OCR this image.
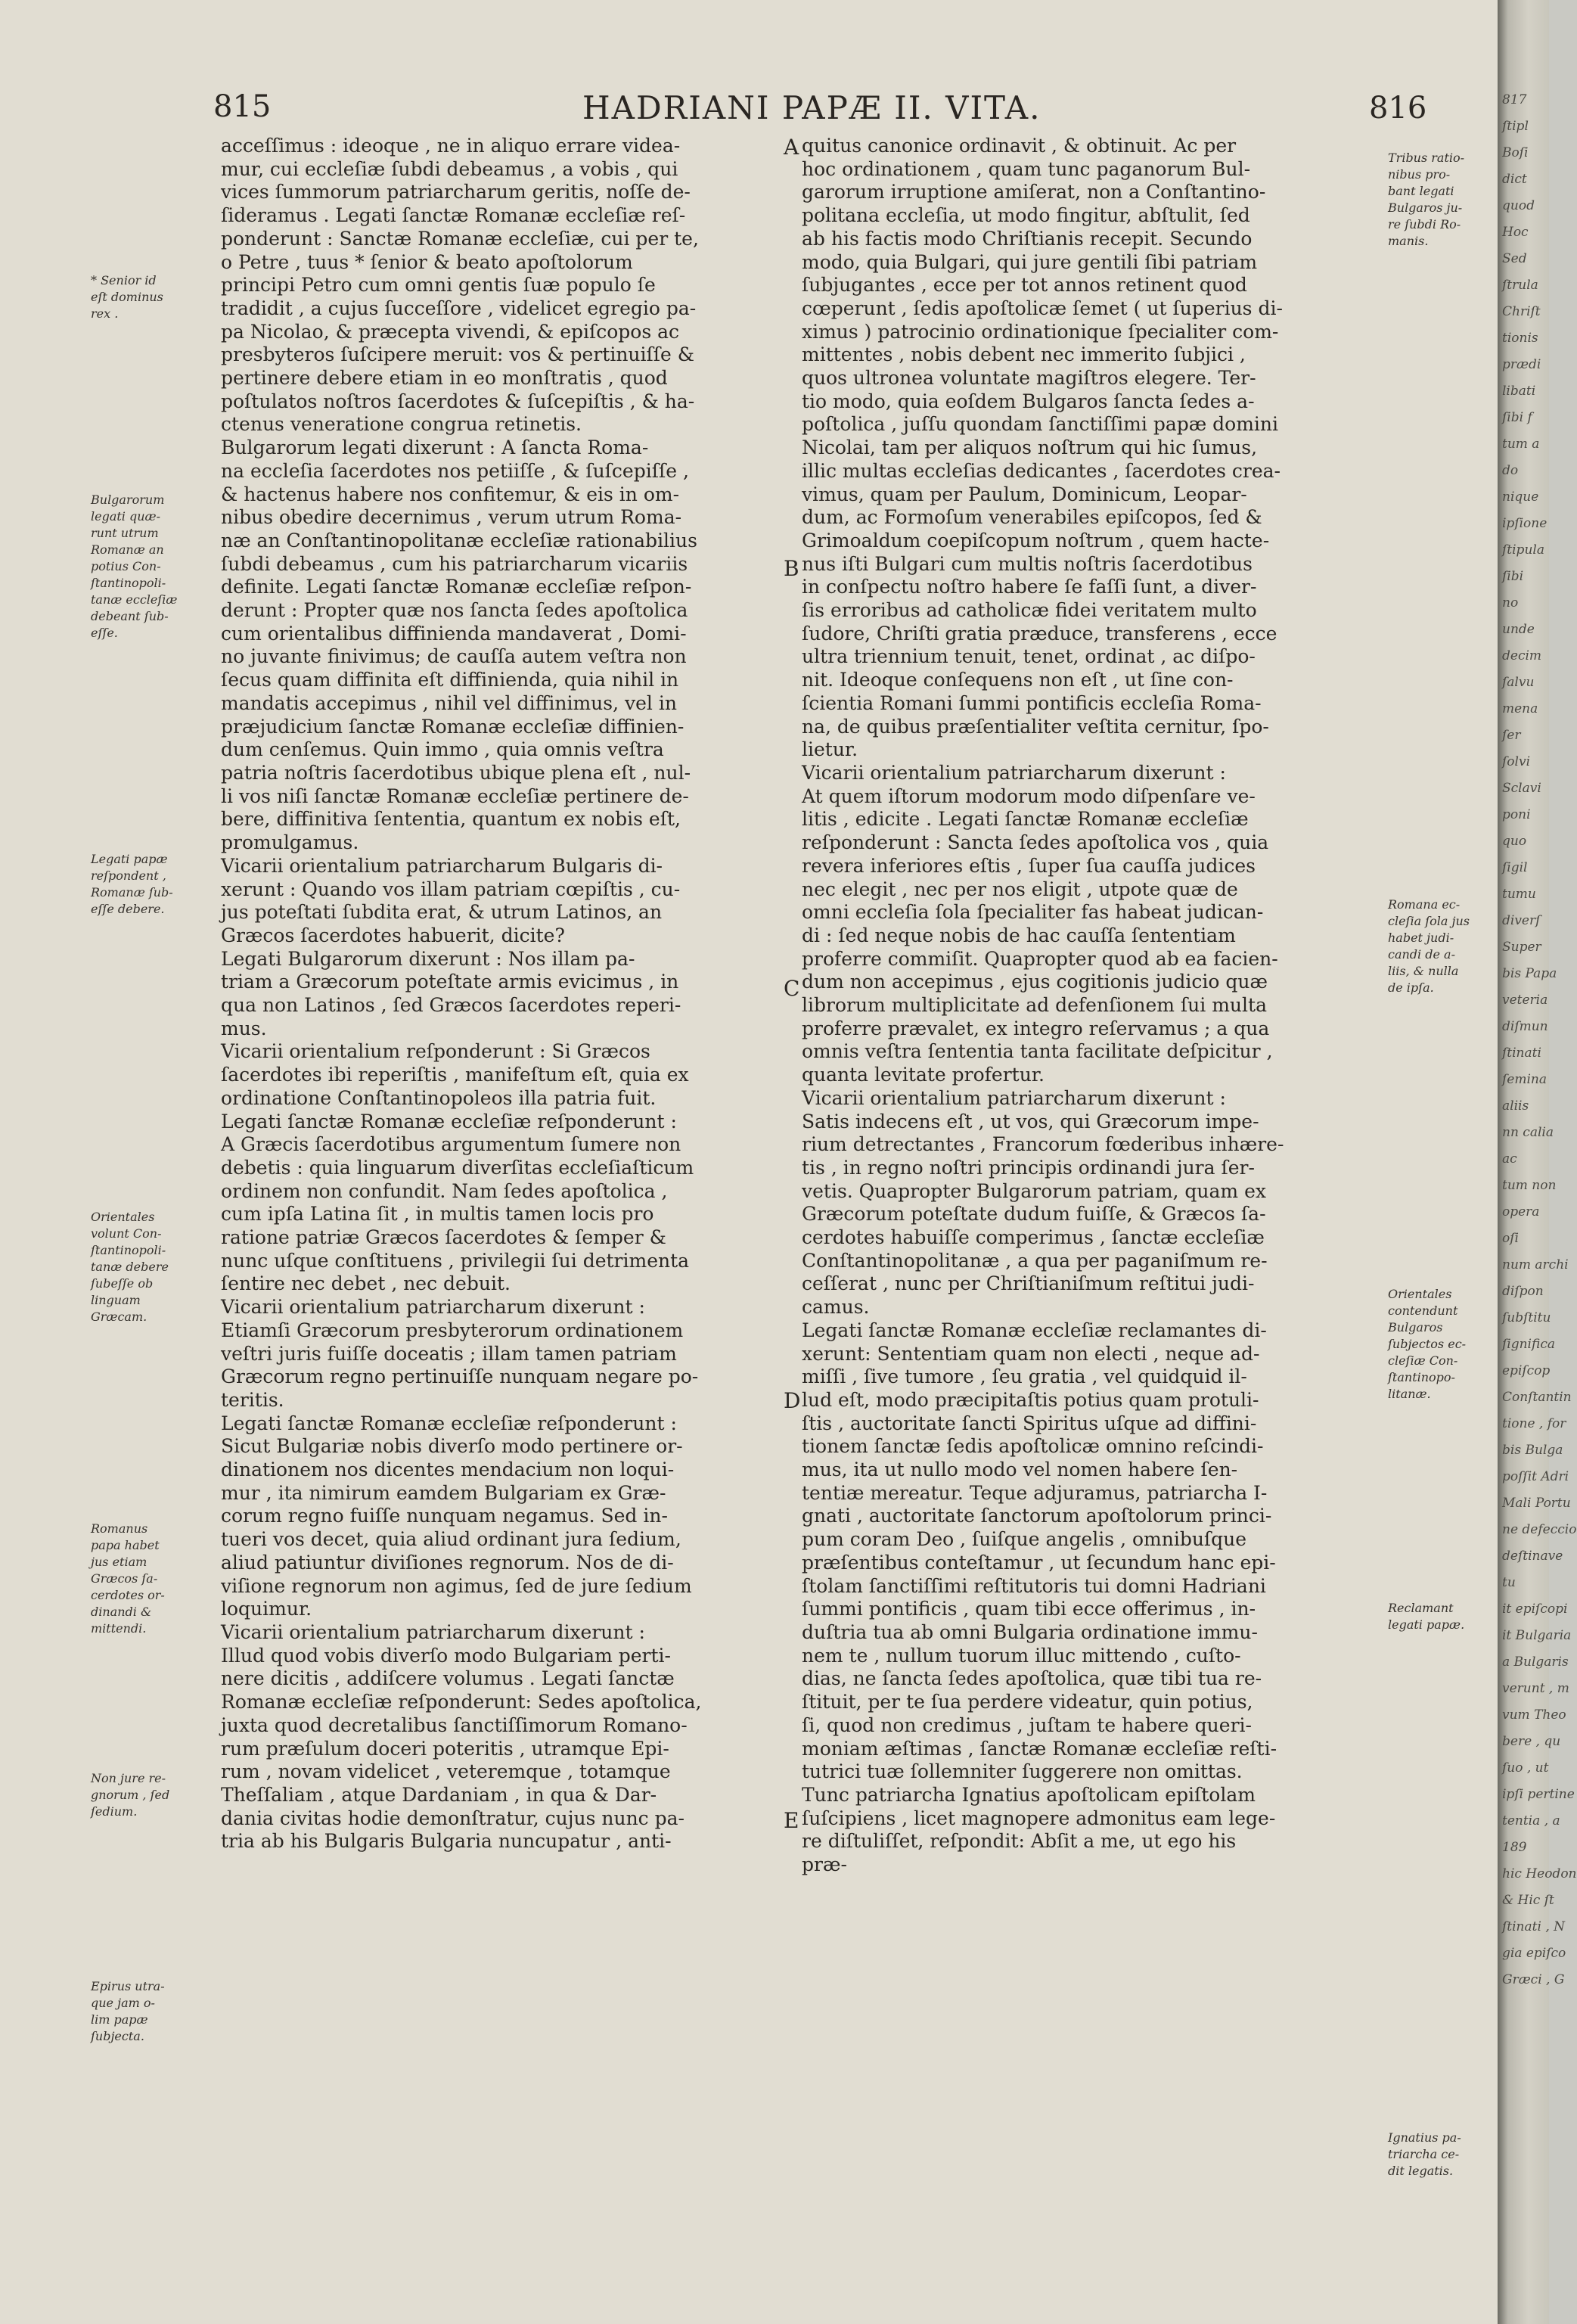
815	HADRIANI PAPÆ II. VITA.	816
acceſſimus : ideoque , ne in aliquo errare videa-
mur, cui eccleſiæ ſubdi debeamus , a vobis , qui
vices ſummorum patriarcharum geritis, noſſe de-
ſideramus . Legati ſanctæ Romanæ eccleſiæ reſ-
ponderunt : Sanctæ Romanæ eccleſiæ, cui per te,
o Petre , tuus * ſenior & beato apoſtolorum
principi Petro cum omni gentis ſuæ populo ſe
tradidit , a cujus ſucceſſore , videlicet egregio pa-
pa Nicolao, & præcepta vivendi, & epiſcopos ac
presbyteros ſuſcipere meruit: vos & pertinuiſſe &
pertinere debere etiam in eo monſtratis , quod
poſtulatos noſtros ſacerdotes & ſuſcepiſtis , & ha-
ctenus veneratione congrua retinetis.
Bulgarorum legati dixerunt : A ſancta Roma-
na eccleſia ſacerdotes nos petiiſſe , & ſuſcepiſſe ,
& hactenus habere nos confitemur, & eis in om-
nibus obedire decernimus , verum utrum Roma-
næ an Conſtantinopolitanæ eccleſiæ rationabilius
ſubdi debeamus , cum his patriarcharum vicariis
definite. Legati ſanctæ Romanæ eccleſiæ reſpon-
derunt : Propter quæ nos ſancta ſedes apoſtolica
cum orientalibus diffinienda mandaverat , Domi-
no juvante finivimus; de cauſſa autem veſtra non
ſecus quam diffinita eſt diffinienda, quia nihil in
mandatis accepimus , nihil vel diffinimus, vel in
præjudicium ſanctæ Romanæ eccleſiæ diffinien-
dum cenſemus. Quin immo , quia omnis veſtra
patria noſtris ſacerdotibus ubique plena eſt , nul-
li vos niſi ſanctæ Romanæ eccleſiæ pertinere de-
bere, diffinitiva ſententia, quantum ex nobis eſt,
promulgamus.
Vicarii orientalium patriarcharum Bulgaris di-
xerunt : Quando vos illam patriam cœpiſtis , cu-
jus poteſtati ſubdita erat, & utrum Latinos, an
Græcos ſacerdotes habuerit, dicite?
Legati Bulgarorum dixerunt : Nos illam pa-
triam a Græcorum poteſtate armis evicimus , in
qua non Latinos , ſed Græcos ſacerdotes reperi-
mus.
Vicarii orientalium reſponderunt : Si Græcos
ſacerdotes ibi reperiſtis , manifeſtum eſt, quia ex
ordinatione Conſtantinopoleos illa patria fuit.
Legati ſanctæ Romanæ eccleſiæ reſponderunt :
A Græcis ſacerdotibus argumentum ſumere non
debetis : quia linguarum diverſitas eccleſiaſticum
ordinem non confundit. Nam ſedes apoſtolica ,
cum ipſa Latina ſit , in multis tamen locis pro
ratione patriæ Græcos ſacerdotes & ſemper &
nunc uſque conſtituens , privilegii ſui detrimenta
ſentire nec debet , nec debuit.
Vicarii orientalium patriarcharum dixerunt :
Etiamſi Græcorum presbyterorum ordinationem
veſtri juris fuiſſe doceatis ; illam tamen patriam
Græcorum regno pertinuiſſe nunquam negare po-
teritis.
Legati ſanctæ Romanæ eccleſiæ reſponderunt :
Sicut Bulgariæ nobis diverſo modo pertinere or-
dinationem nos dicentes mendacium non loqui-
mur , ita nimirum eamdem Bulgariam ex Græ-
corum regno fuiſſe nunquam negamus. Sed in-
tueri vos decet, quia aliud ordinant jura ſedium,
aliud patiuntur diviſiones regnorum. Nos de di-
viſione regnorum non agimus, ſed de jure ſedium
loquimur.
Vicarii orientalium patriarcharum dixerunt :
Illud quod vobis diverſo modo Bulgariam perti-
nere dicitis , addiſcere volumus . Legati ſanctæ
Romanæ eccleſiæ reſponderunt: Sedes apoſtolica,
juxta quod decretalibus ſanctiſſimorum Romano-
rum præſulum doceri poteritis , utramque Epi-
rum , novam videlicet , veteremque , totamque
Theſſaliam , atque Dardaniam , in qua & Dar-
dania civitas hodie demonſtratur, cujus nunc pa-
tria ab his Bulgaris Bulgaria nuncupatur , anti-
quitus canonice ordinavit , & obtinuit. Ac per
hoc ordinationem , quam tunc paganorum Bul-
garorum irruptione amiſerat, non a Conſtantino-
politana eccleſia, ut modo fingitur, abſtulit, ſed
ab his factis modo Chriſtianis recepit. Secundo
modo, quia Bulgari, qui jure gentili ſibi patriam
ſubjugantes , ecce per tot annos retinent quod
cœperunt , ſedis apoſtolicæ ſemet ( ut ſuperius di-
ximus ) patrocinio ordinationique ſpecialiter com-
mittentes , nobis debent nec immerito ſubjici ,
quos ultronea voluntate magiſtros elegere. Ter-
tio modo, quia eoſdem Bulgaros ſancta ſedes a-
poſtolica , juſſu quondam ſanctiſſimi papæ domini
Nicolai, tam per aliquos noſtrum qui hic ſumus,
illic multas eccleſias dedicantes , ſacerdotes crea-
vimus, quam per Paulum, Dominicum, Leopar-
dum, ac Formoſum venerabiles epiſcopos, ſed &
Grimoaldum coepiſcopum noſtrum , quem hacte-
nus iſti Bulgari cum multis noſtris ſacerdotibus
in conſpectu noſtro habere ſe faſſi ſunt, a diver-
ſis erroribus ad catholicæ fidei veritatem multo
ſudore, Chriſti gratia præduce, transferens , ecce
ultra triennium tenuit, tenet, ordinat , ac diſpo-
nit. Ideoque conſequens non eſt , ut ſine con-
ſcientia Romani ſummi pontificis eccleſia Roma-
na, de quibus præſentialiter veſtita cernitur, ſpo-
lietur.
Vicarii orientalium patriarcharum dixerunt :
At quem iſtorum modorum modo diſpenſare ve-
litis , edicite . Legati ſanctæ Romanæ eccleſiæ
reſponderunt : Sancta ſedes apoſtolica vos , quia
revera inferiores eſtis , ſuper ſua cauſſa judices
nec elegit , nec per nos eligit , utpote quæ de
omni eccleſia ſola ſpecialiter fas habeat judican-
di : ſed neque nobis de hac cauſſa ſententiam
proferre commiſit. Quapropter quod ab ea facien-
dum non accepimus , ejus cogitionis judicio quæ
librorum multiplicitate ad defenſionem ſui multa
proferre prævalet, ex integro reſervamus ; a qua
omnis veſtra ſententia tanta facilitate deſpicitur ,
quanta levitate profertur.
Vicarii orientalium patriarcharum dixerunt :
Satis indecens eſt , ut vos, qui Græcorum impe-
rium detrectantes , Francorum fœderibus inhære-
tis , in regno noſtri principis ordinandi jura ſer-
vetis. Quapropter Bulgarorum patriam, quam ex
Græcorum poteſtate dudum fuiſſe, & Græcos ſa-
cerdotes habuiſſe comperimus , ſanctæ eccleſiæ
Conſtantinopolitanæ , a qua per paganiſmum re-
ceſſerat , nunc per Chriſtianiſmum reſtitui judi-
camus.
Legati ſanctæ Romanæ eccleſiæ reclamantes di-
xerunt: Sententiam quam non electi , neque ad-
miſſi , ſive tumore , ſeu gratia , vel quidquid il-
lud eſt, modo præcipitaſtis potius quam protuli-
ſtis , auctoritate ſancti Spiritus uſque ad diffini-
tionem ſanctæ ſedis apoſtolicæ omnino reſcindi-
mus, ita ut nullo modo vel nomen habere ſen-
tentiæ mereatur. Teque adjuramus, patriarcha I-
gnati , auctoritate ſanctorum apoſtolorum princi-
pum coram Deo , ſuiſque angelis , omnibuſque
præſentibus conteſtamur , ut ſecundum hanc epi-
ſtolam ſanctiſſimi reſtitutoris tui domni Hadriani
ſummi pontificis , quam tibi ecce offerimus , in-
duſtria tua ab omni Bulgaria ordinatione immu-
nem te , nullum tuorum illuc mittendo , cuſto-
dias, ne ſancta ſedes apoſtolica, quæ tibi tua re-
ſtituit, per te ſua perdere videatur, quin potius,
ſi, quod non credimus , juſtam te habere queri-
moniam æſtimas , ſanctæ Romanæ eccleſiæ reſti-
tutrici tuæ ſollemniter ſuggerere non omittas.
Tunc patriarcha Ignatius apoſtolicam epiſtolam
ſuſcipiens , licet magnopere admonitus eam lege-
re diſtuliſſet, reſpondit: Abſit a me, ut ego his
præ-
A
B
C
D
E
* Senior id
eſt dominus
rex .
Bulgarorum
legati quæ-
runt utrum
Romanæ an
potius Con-
ſtantinopoli-
tanæ eccleſiæ
debeant ſub-
eſſe.
Legati papæ
reſpondent ,
Romanæ ſub-
eſſe debere.
Orientales
volunt Con-
ſtantinopoli-
tanæ debere
ſubeſſe ob
linguam
Græcam.
Romanus
papa habet
jus etiam
Græcos ſa-
cerdotes or-
dinandi &
mittendi.
Non jure re-
gnorum , ſed
ſedium.
Epirus utra-
que jam o-
lim papæ
ſubjecta.
Tribus ratio-
nibus pro-
bant legati
Bulgaros ju-
re ſubdi Ro-
manis.
Romana ec-
cleſia ſola jus
habet judi-
candi de a-
liis, & nulla
de ipſa.
Orientales
contendunt
Bulgaros
ſubjectos ec-
cleſiæ Con-
ſtantinopo-
litanæ.
Reclamant
legati papæ.
Ignatius pa-
triarcha ce-
dit legatis.
817
ſtipl
Boſi
dict
quod
Hoc
Sed
ſtrula
Chriſt
tionis
prædi
libati
ſibi f
tum a
do
nique
ipſione
ſtipula
ſibi
no
unde
decim
ſalvu
mena
ſer
ſolvi
Sclavi
poni
quo
ſigil
tumu
diverſ
Super
bis Papa
veteria
diſmun
ſtinati
ſemina
aliis
nn calia
ac
tum non
opera
oſi
num archi
diſpon
ſubſtitu
ſignifica
epiſcop
Conſtantin
tione , for
bis Bulga
poſſit Adri
Mali Portu
ne defeccio
deſtinave
tu
it epiſcopi
it Bulgaria
a Bulgaris
verunt , m
vum Theo
bere , qu
ſuo , ut
ipſi pertine
tentia , a
189
hic Heodon
& Hic ſt
ſtinati , N
gia epiſco
Græci , G
